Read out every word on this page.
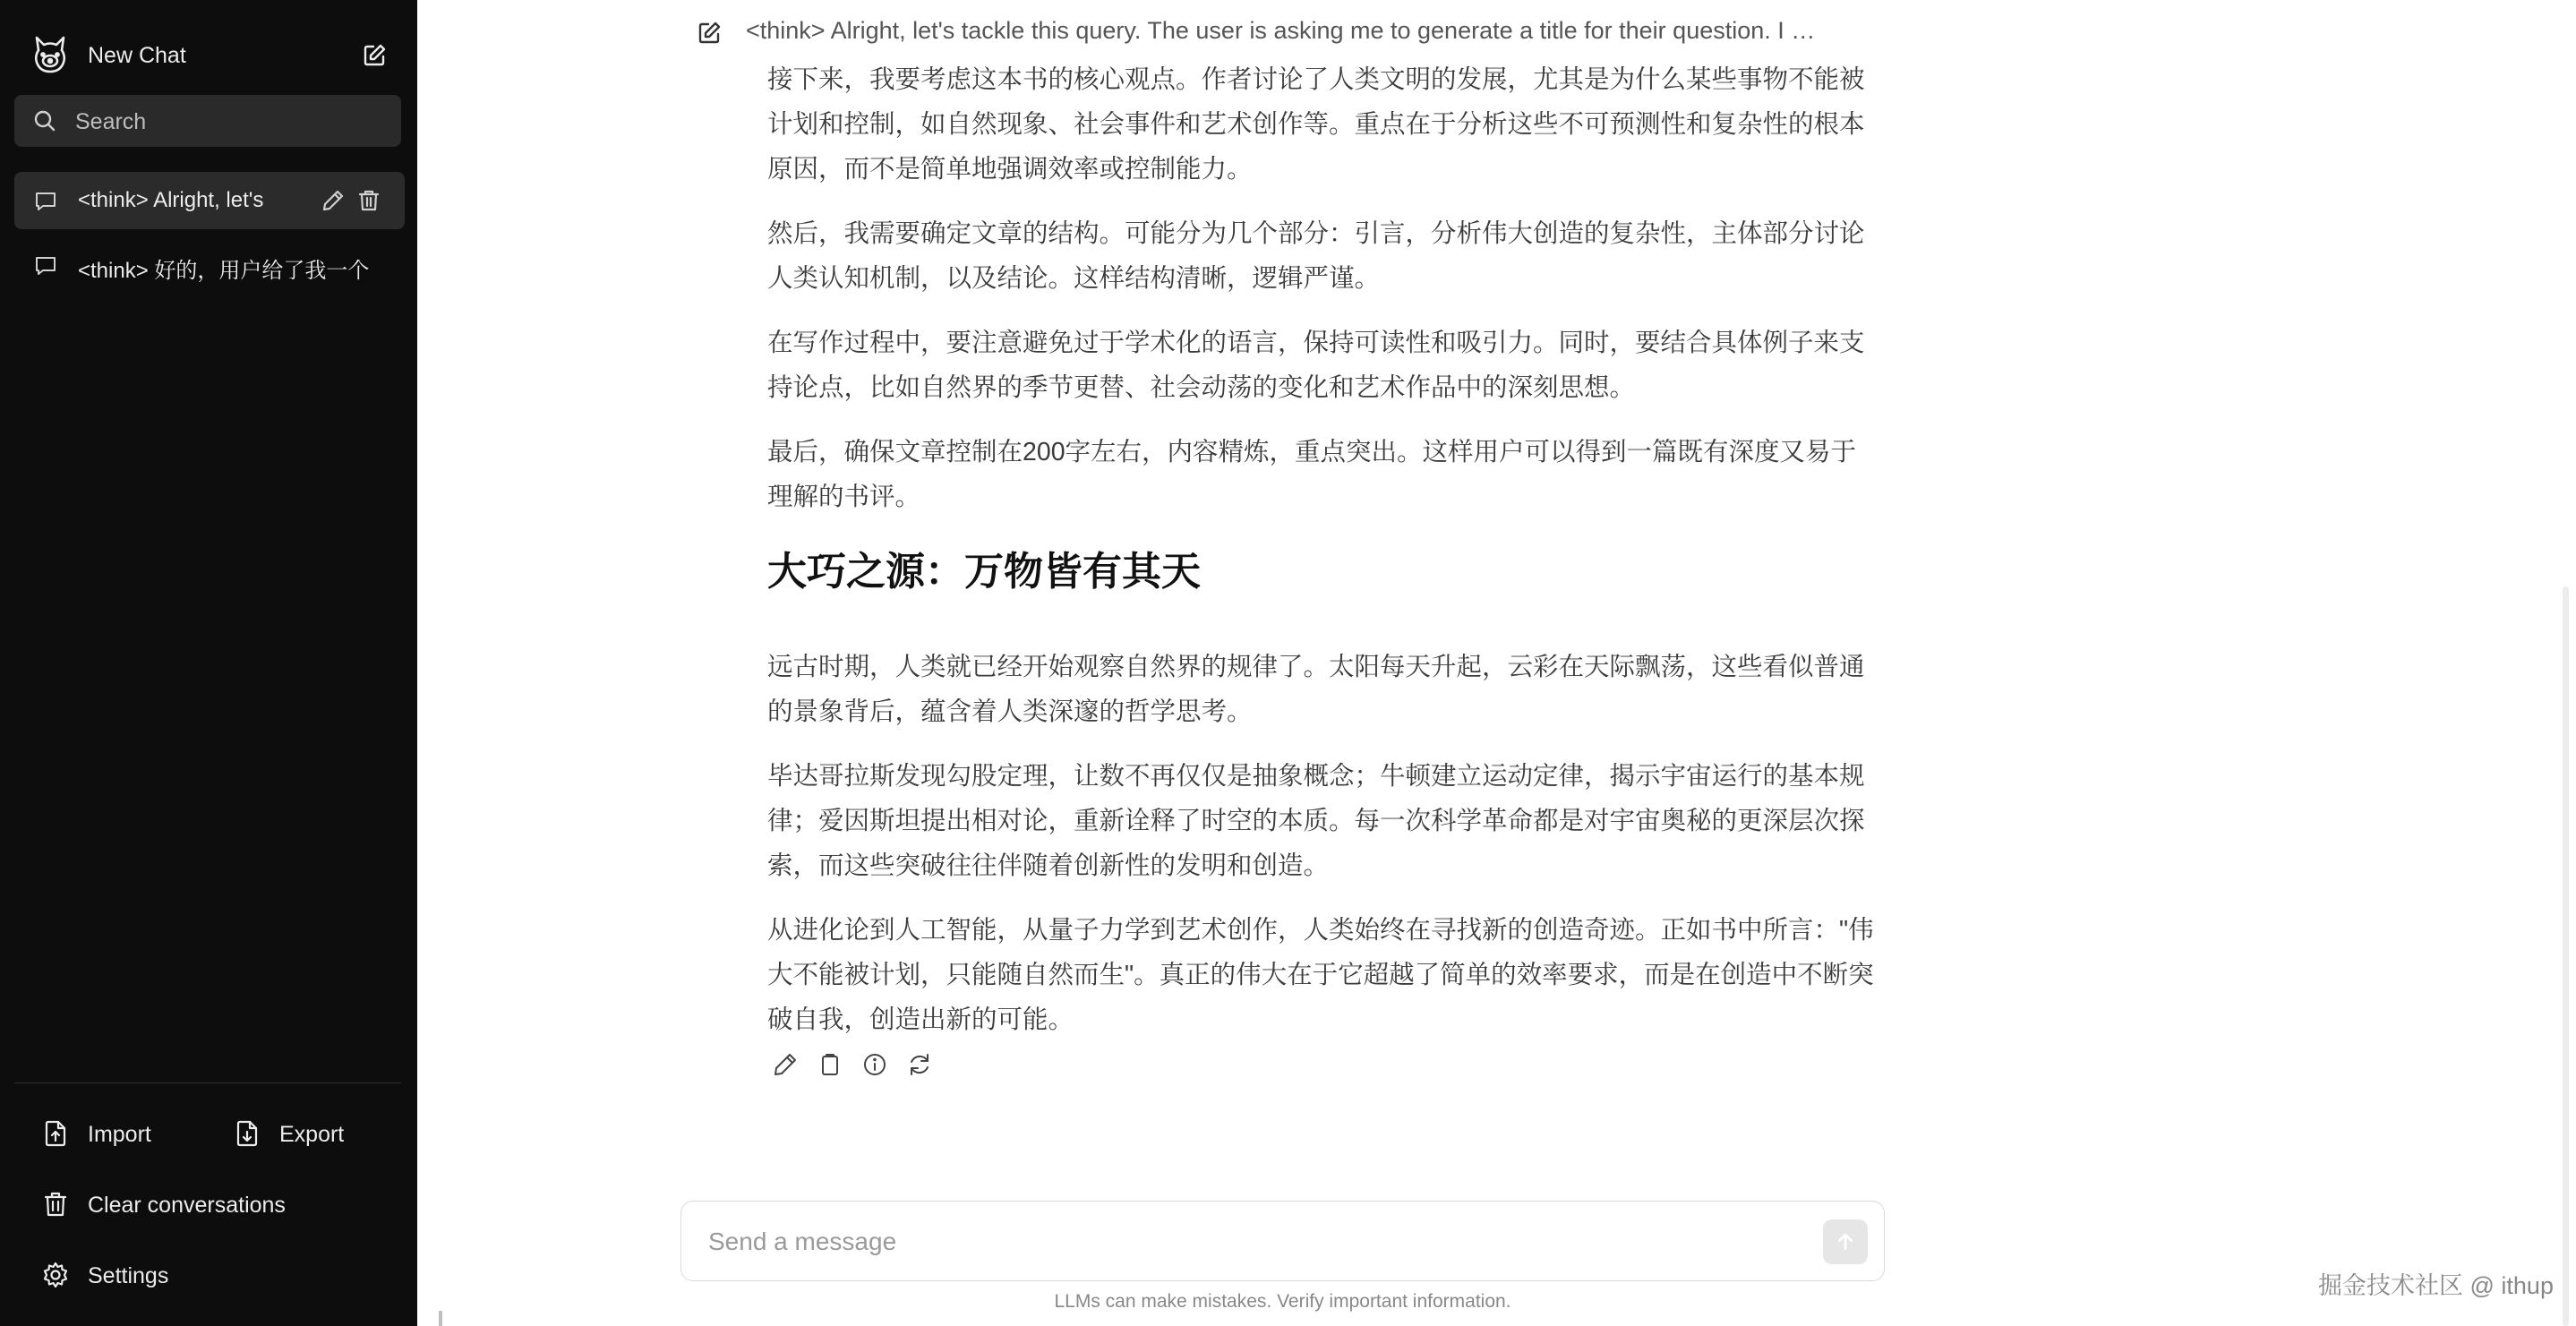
New Chat
Search
<think> Alright, let's
<think> 好的，用户给了我一个
Import	Export
Clear conversations
Settings
<think> Alright, let's tackle this query. The user is asking me to generate a title for their question. I …

接下来，我要考虑这本书的核心观点。作者讨论了人类文明的发展，尤其是为什么某些事物不能被计划和控制，如自然现象、社会事件和艺术创作等。重点在于分析这些不可预测性和复杂性的根本原因，而不是简单地强调效率或控制能力。

然后，我需要确定文章的结构。可能分为几个部分：引言，分析伟大创造的复杂性，主体部分讨论人类认知机制，以及结论。这样结构清晰，逻辑严谨。

在写作过程中，要注意避免过于学术化的语言，保持可读性和吸引力。同时，要结合具体例子来支持论点，比如自然界的季节更替、社会动荡的变化和艺术作品中的深刻思想。

最后，确保文章控制在200字左右，内容精炼，重点突出。这样用户可以得到一篇既有深度又易于理解的书评。

大巧之源：万物皆有其天

远古时期，人类就已经开始观察自然界的规律了。太阳每天升起，云彩在天际飘荡，这些看似普通的景象背后，蕴含着人类深邃的哲学思考。

毕达哥拉斯发现勾股定理，让数不再仅仅是抽象概念；牛顿建立运动定律，揭示宇宙运行的基本规律；爱因斯坦提出相对论，重新诠释了时空的本质。每一次科学革命都是对宇宙奥秘的更深层次探索，而这些突破往往伴随着创新性的发明和创造。

从进化论到人工智能，从量子力学到艺术创作，人类始终在寻找新的创造奇迹。正如书中所言："伟大不能被计划，只能随自然而生"。真正的伟大在于它超越了简单的效率要求，而是在创造中不断突破自我，创造出新的可能。

Send a message
LLMs can make mistakes. Verify important information.
掘金技术社区 @ ithup
